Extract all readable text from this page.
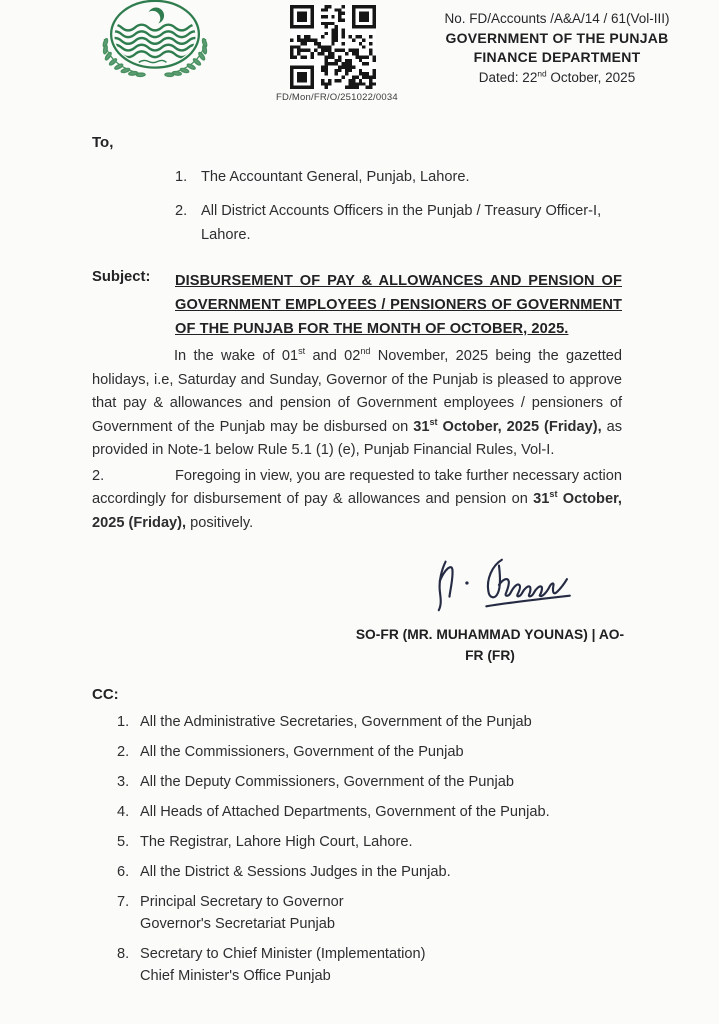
FD/Mon/FR/O/251022/0034
No. FD/Accounts /A&A/14 / 61(Vol-III)
GOVERNMENT OF THE PUNJAB
FINANCE DEPARTMENT
Dated: 22nd October, 2025
To,
1. The Accountant General, Punjab, Lahore.
2. All District Accounts Officers in the Punjab / Treasury Officer-I, Lahore.
Subject:	DISBURSEMENT OF PAY & ALLOWANCES AND PENSION OF GOVERNMENT EMPLOYEES / PENSIONERS OF GOVERNMENT OF THE PUNJAB FOR THE MONTH OF OCTOBER, 2025.

In the wake of 01st and 02nd November, 2025 being the gazetted holidays, i.e, Saturday and Sunday, Governor of the Punjab is pleased to approve that pay & allowances and pension of Government employees / pensioners of Government of the Punjab may be disbursed on 31st October, 2025 (Friday), as provided in Note-1 below Rule 5.1 (1) (e), Punjab Financial Rules, Vol-I.

2.	Foregoing in view, you are requested to take further necessary action accordingly for disbursement of pay & allowances and pension on 31st October, 2025 (Friday), positively.

SO-FR (MR. MUHAMMAD YOUNAS) | AO-
FR (FR)
CC:
1. All the Administrative Secretaries, Government of the Punjab
2. All the Commissioners, Government of the Punjab
3. All the Deputy Commissioners, Government of the Punjab
4. All Heads of Attached Departments, Government of the Punjab.
5. The Registrar, Lahore High Court, Lahore.
6. All the District & Sessions Judges in the Punjab.
7. Principal Secretary to Governor
Governor's Secretariat Punjab
8. Secretary to Chief Minister (Implementation)
Chief Minister's Office Punjab
